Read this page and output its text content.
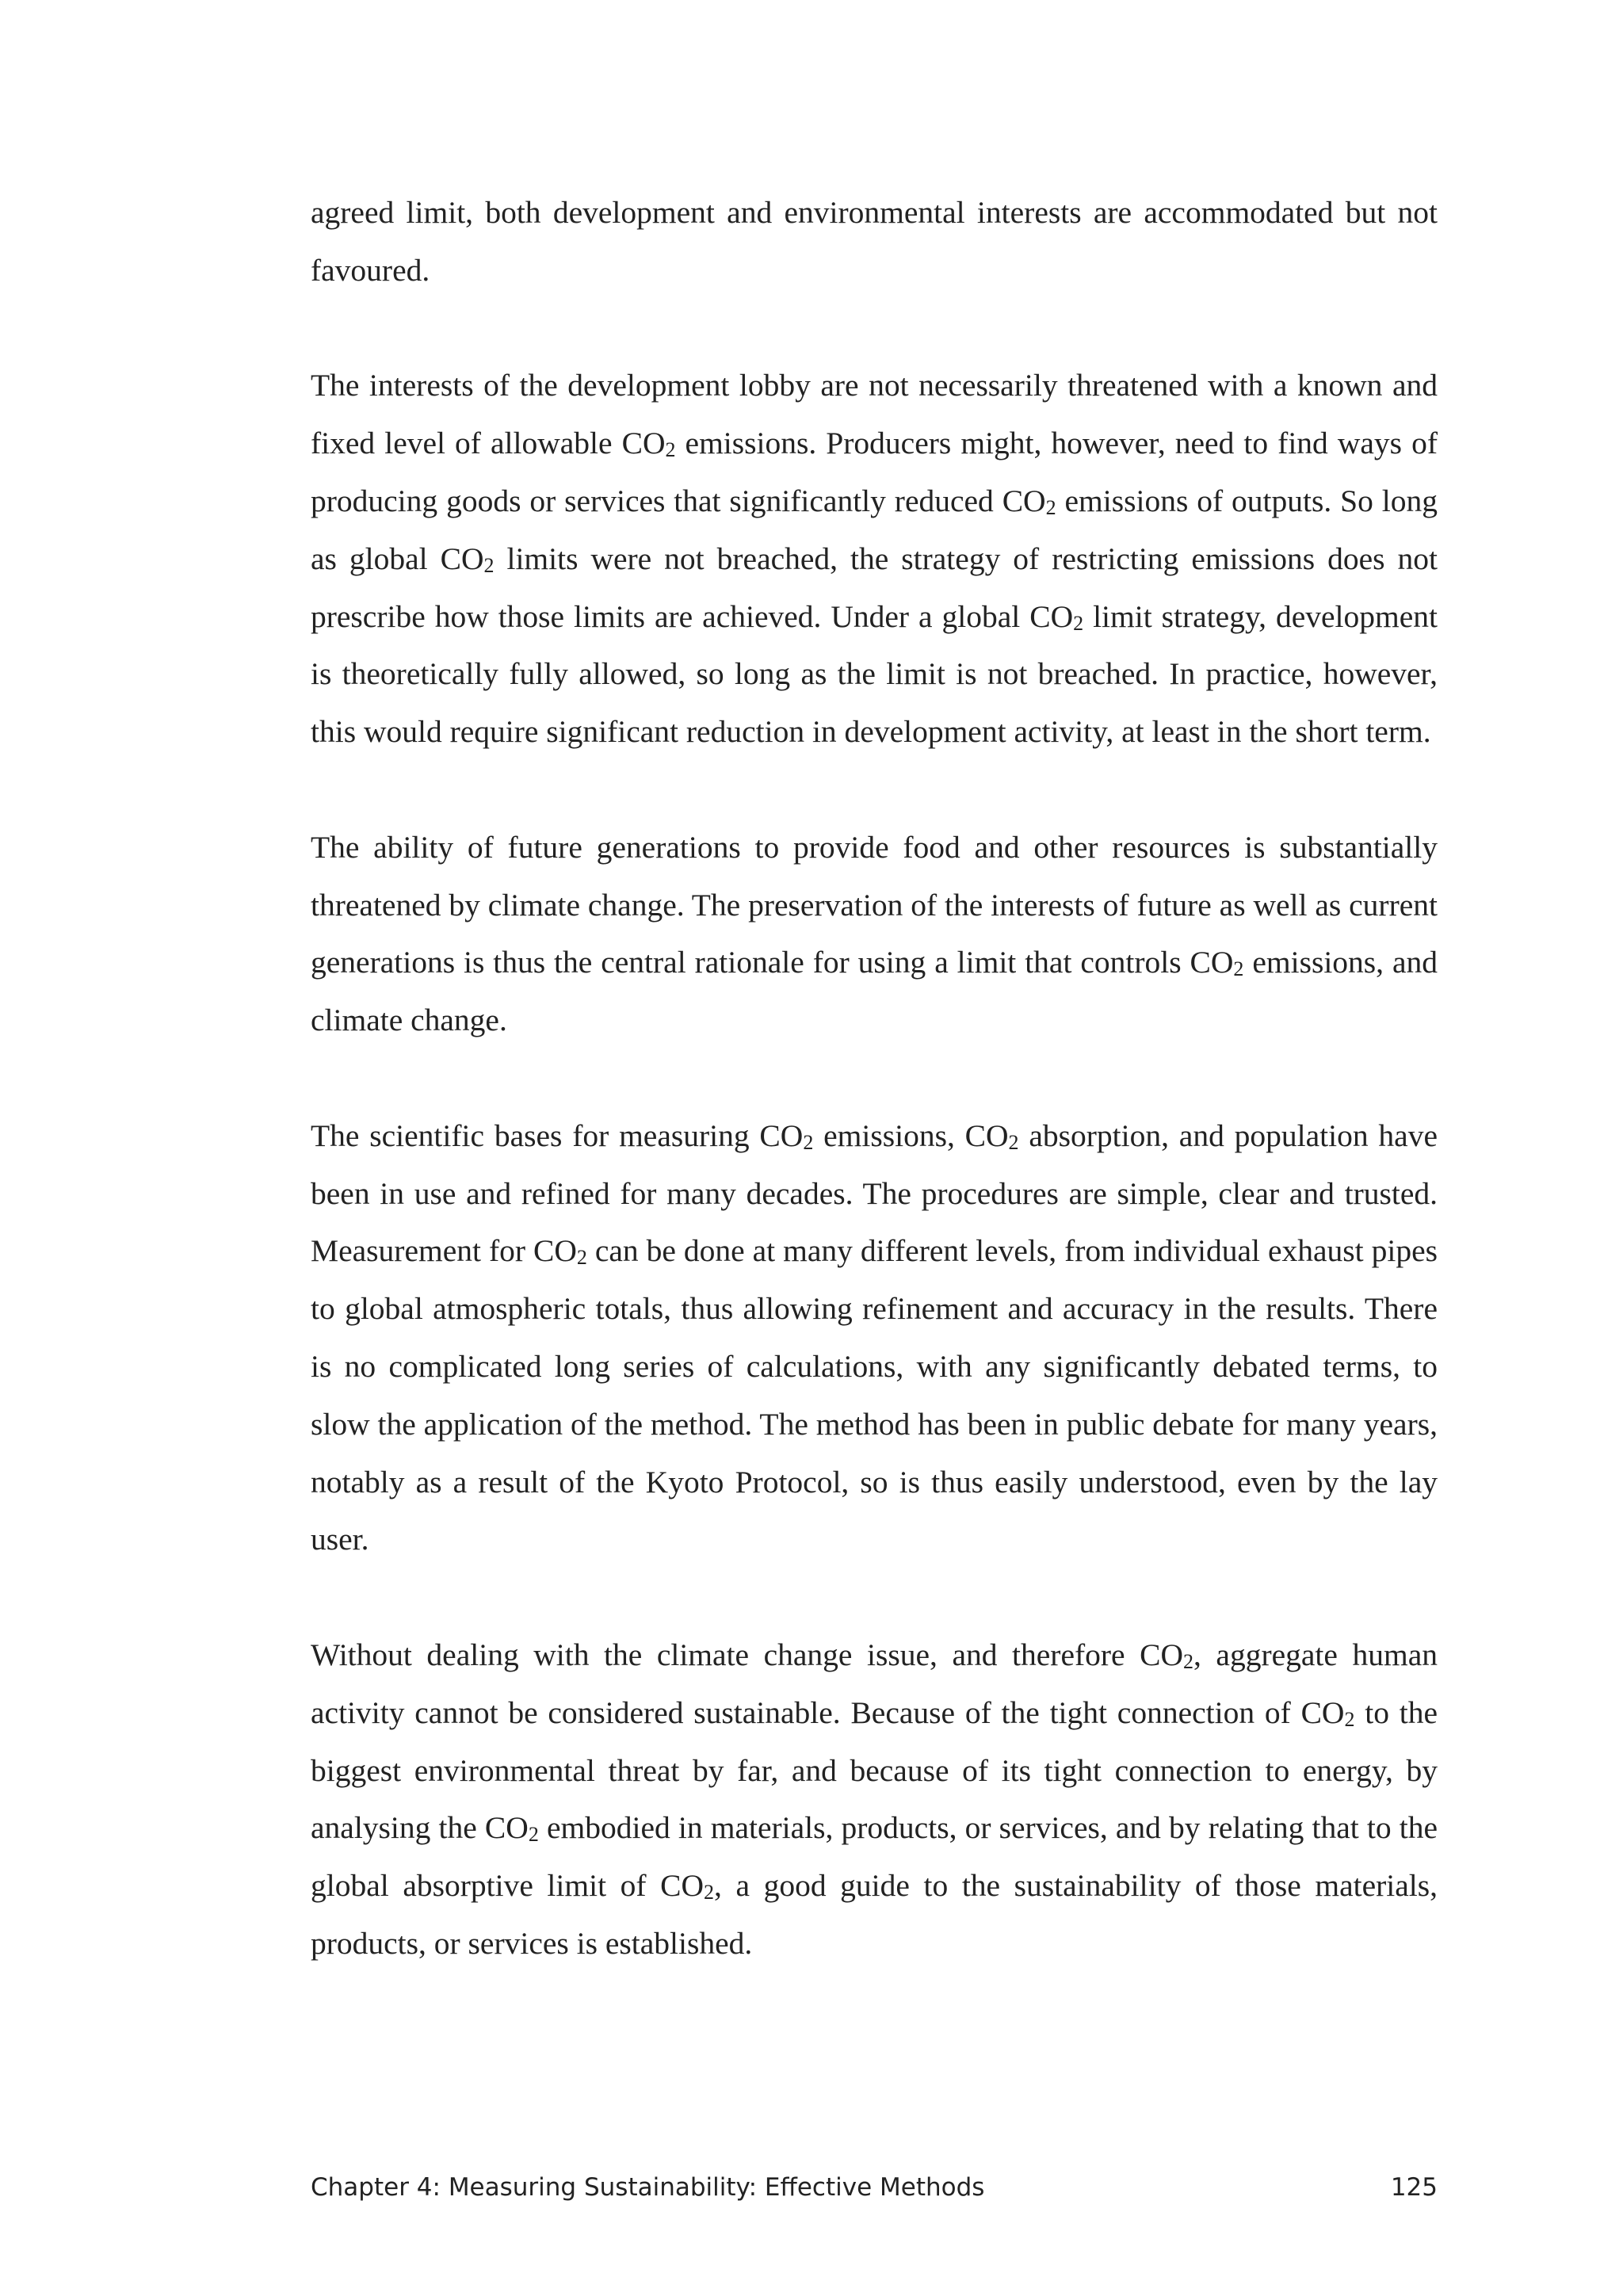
agreed limit, both development and environmental interests are accommodated but not favoured.

The interests of the development lobby are not necessarily threatened with a known and fixed level of allowable $CO_2$ emissions. Producers might, however, need to find ways of producing goods or services that significantly reduced $CO_2$ emissions of outputs. So long as global $CO_2$ limits were not breached, the strategy of restricting emissions does not prescribe how those limits are achieved. Under a global $CO_2$ limit strategy, development is theoretically fully allowed, so long as the limit is not breached. In practice, however, this would require significant reduction in development activity, at least in the short term.

The ability of future generations to provide food and other resources is substantially threatened by climate change. The preservation of the interests of future as well as current generations is thus the central rationale for using a limit that controls $CO_2$ emissions, and climate change.

The scientific bases for measuring $CO_2$ emissions, $CO_2$ absorption, and population have been in use and refined for many decades. The procedures are simple, clear and trusted. Measurement for $CO_2$ can be done at many different levels, from individual exhaust pipes to global atmospheric totals, thus allowing refinement and accuracy in the results. There is no complicated long series of calculations, with any significantly debated terms, to slow the application of the method. The method has been in public debate for many years, notably as a result of the Kyoto Protocol, so is thus easily understood, even by the lay user.

Without dealing with the climate change issue, and therefore $CO_2$, aggregate human activity cannot be considered sustainable. Because of the tight connection of $CO_2$ to the biggest environmental threat by far, and because of its tight connection to energy, by analysing the $CO_2$ embodied in materials, products, or services, and by relating that to the global absorptive limit of $CO_2$, a good guide to the sustainability of those materials, products, or services is established.

Chapter 4: Measuring Sustainability: Effective Methods	125
